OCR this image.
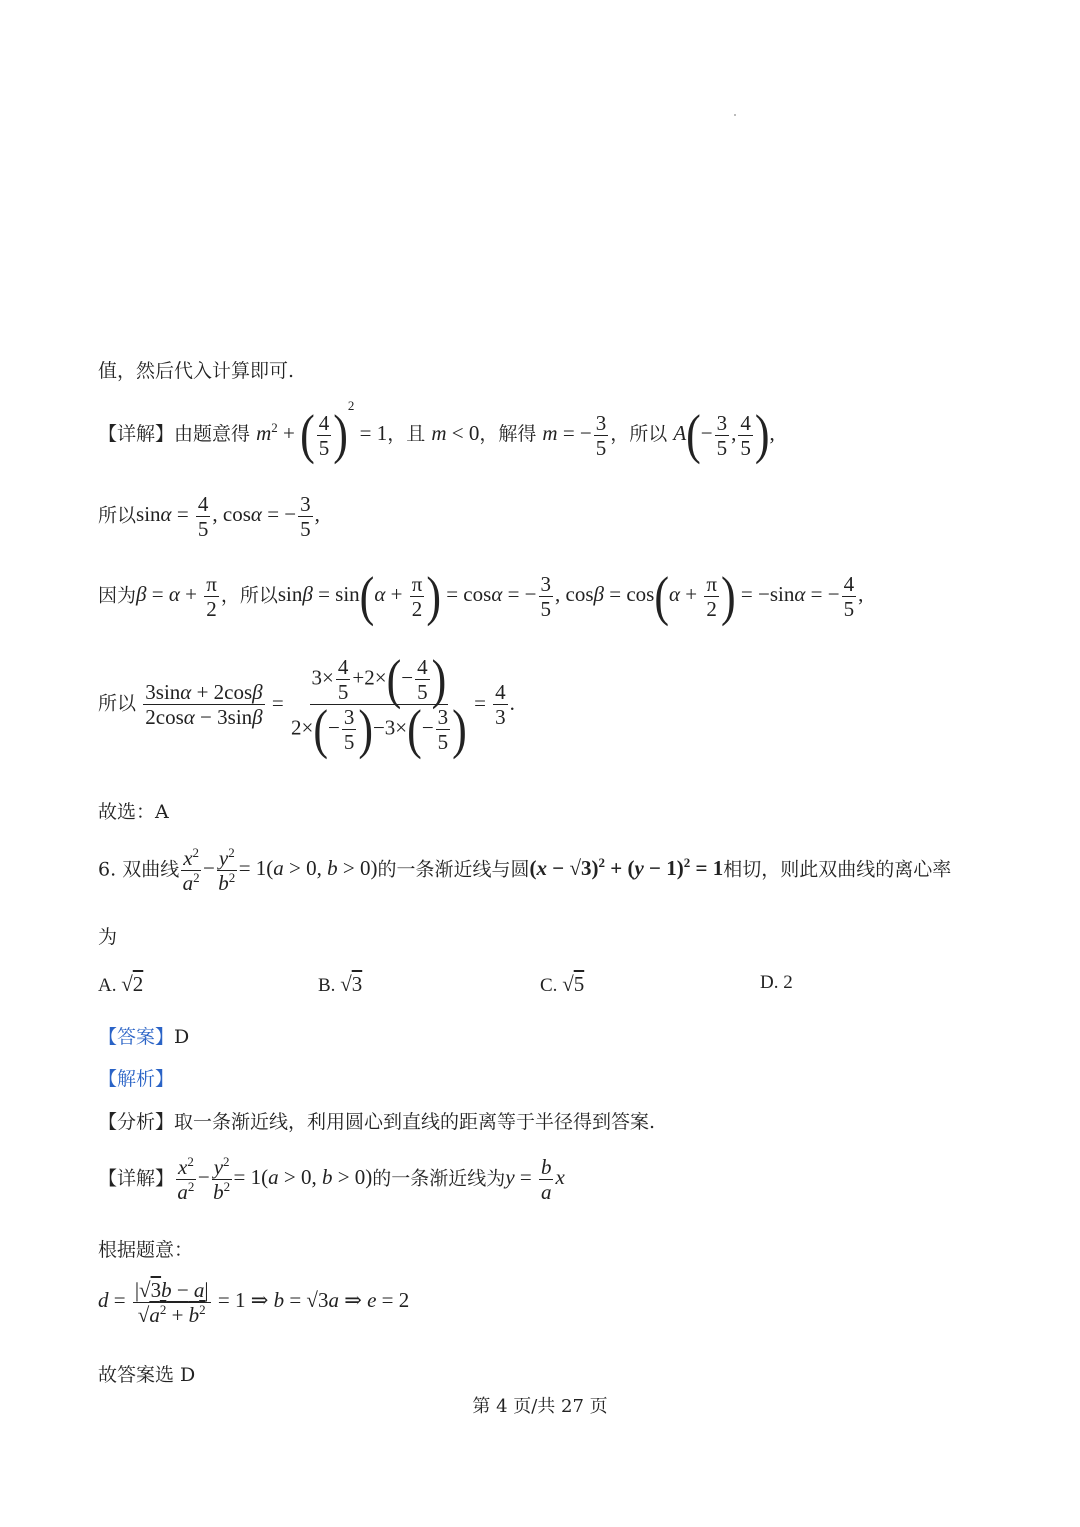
值，然后代入计算即可.
【详解】由题意得 $m^2$ + ( $\frac{4}{5} )^2 = 1$，且 m < 0，解得 m = − $\frac{3}{5}$ ，所以 $A(- \frac{3}{5}$ , $\frac{4}{5}$ ),
所以$\sin\alpha = \frac{4}{5}$ , cosα = − $\frac{3}{5}$ ,
因为$\beta = \alpha + \frac{\pi}{2}$ ，所以$\sin\beta = \sin(\alpha + \frac{\pi}{2}$ ) = cosα = − $\frac{3}{5}$ , $\cos\beta = \cos(\alpha + \frac{\pi}{2}$ ) = −sinα = − $\frac{4}{5}$ ,
所以 $\frac{3\sin\alpha + 2\cos\beta}{2\cos\alpha - 3\sin\beta} = \frac{3\times \frac{4}{5} +2\times(- \frac{4}{5} )}{2\times(- \frac{3}{5} )-3\times(- \frac{3}{5} )} = \frac{4}{3}$ .
故选：A
6. 双曲线 $\frac{x^2}{a^2} - \frac{y^2}{b^2} = 1(a > 0$, b > 0)的一条渐近线与圆$(x - √3)^2 + (y - 1)^2 = 1$相切，则此双曲线的离心率
为
A. √2	B. √3	C. √5	D. 2
【答案】D
【解析】
【分析】取一条渐近线，利用圆心到直线的距离等于半径得到答案.
【详解】 $\frac{x^2}{a^2} - \frac{y^2}{b^2} = 1(a > 0$, b > 0)的一条渐近线为$y = \frac{b}{a}$ x
根据题意：
$d = \frac{|√3b - a|}{√a^2 + b^2} = 1$ ⇒ b = √3a ⇒ e = 2
故答案选 D
第 4 页/共 27 页
